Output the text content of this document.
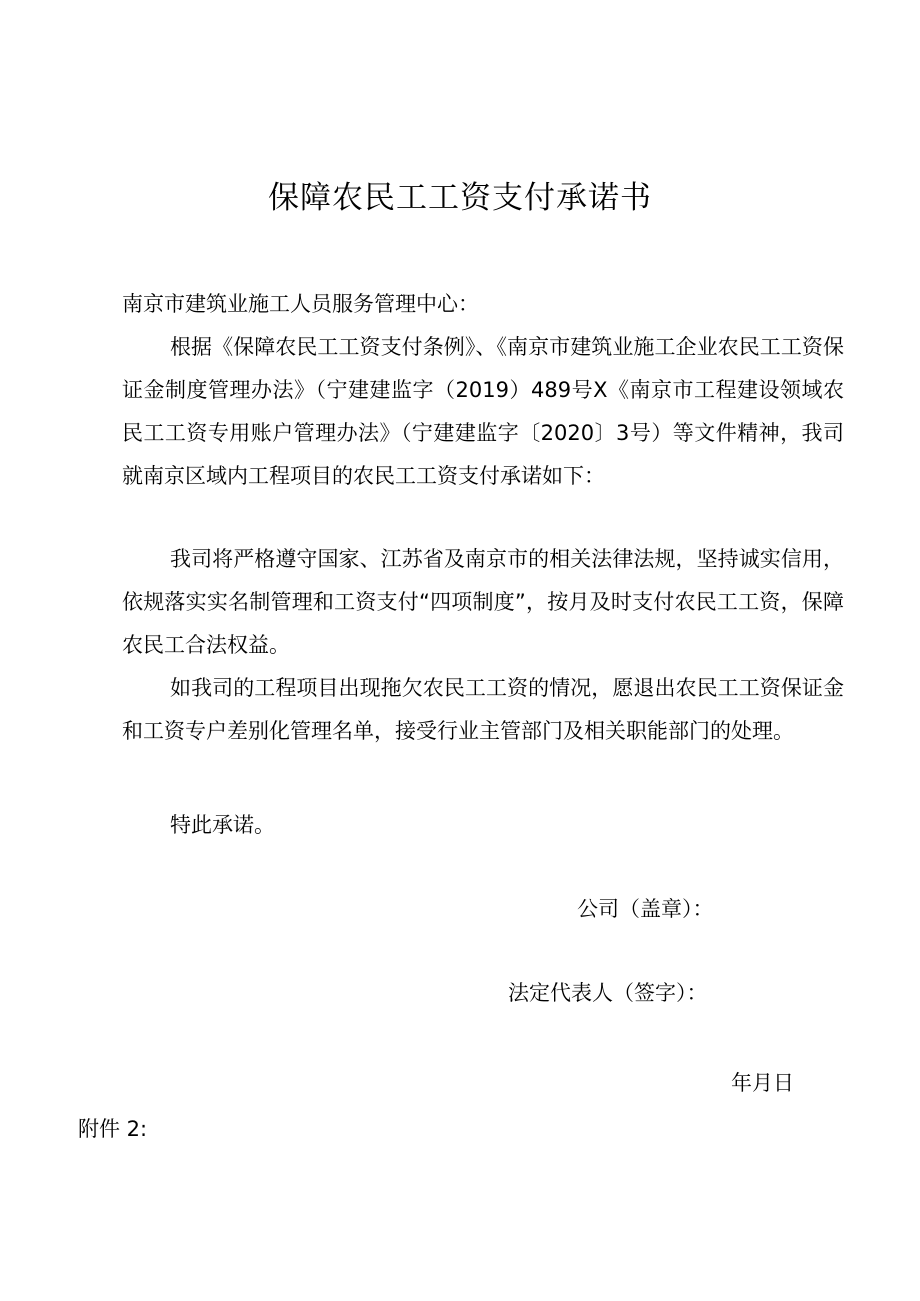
保障农民工工资支付承诺书

南京市建筑业施工人员服务管理中心：

根据《保障农民工工资支付条例》、《南京市建筑业施工企业农民工工资保证金制度管理办法》（宁建建监字（2019）489号X《南京市工程建设领域农民工工资专用账户管理办法》（宁建建监字〔2020〕3号）等文件精神，我司就南京区域内工程项目的农民工工资支付承诺如下：

我司将严格遵守国家、江苏省及南京市的相关法律法规，坚持诚实信用，依规落实实名制管理和工资支付“四项制度”，按月及时支付农民工工资，保障农民工合法权益。

如我司的工程项目出现拖欠农民工工资的情况，愿退出农民工工资保证金和工资专户差别化管理名单，接受行业主管部门及相关职能部门的处理。

特此承诺。

公司（盖章）：

法定代表人（签字）：

年月日

附件 2:
